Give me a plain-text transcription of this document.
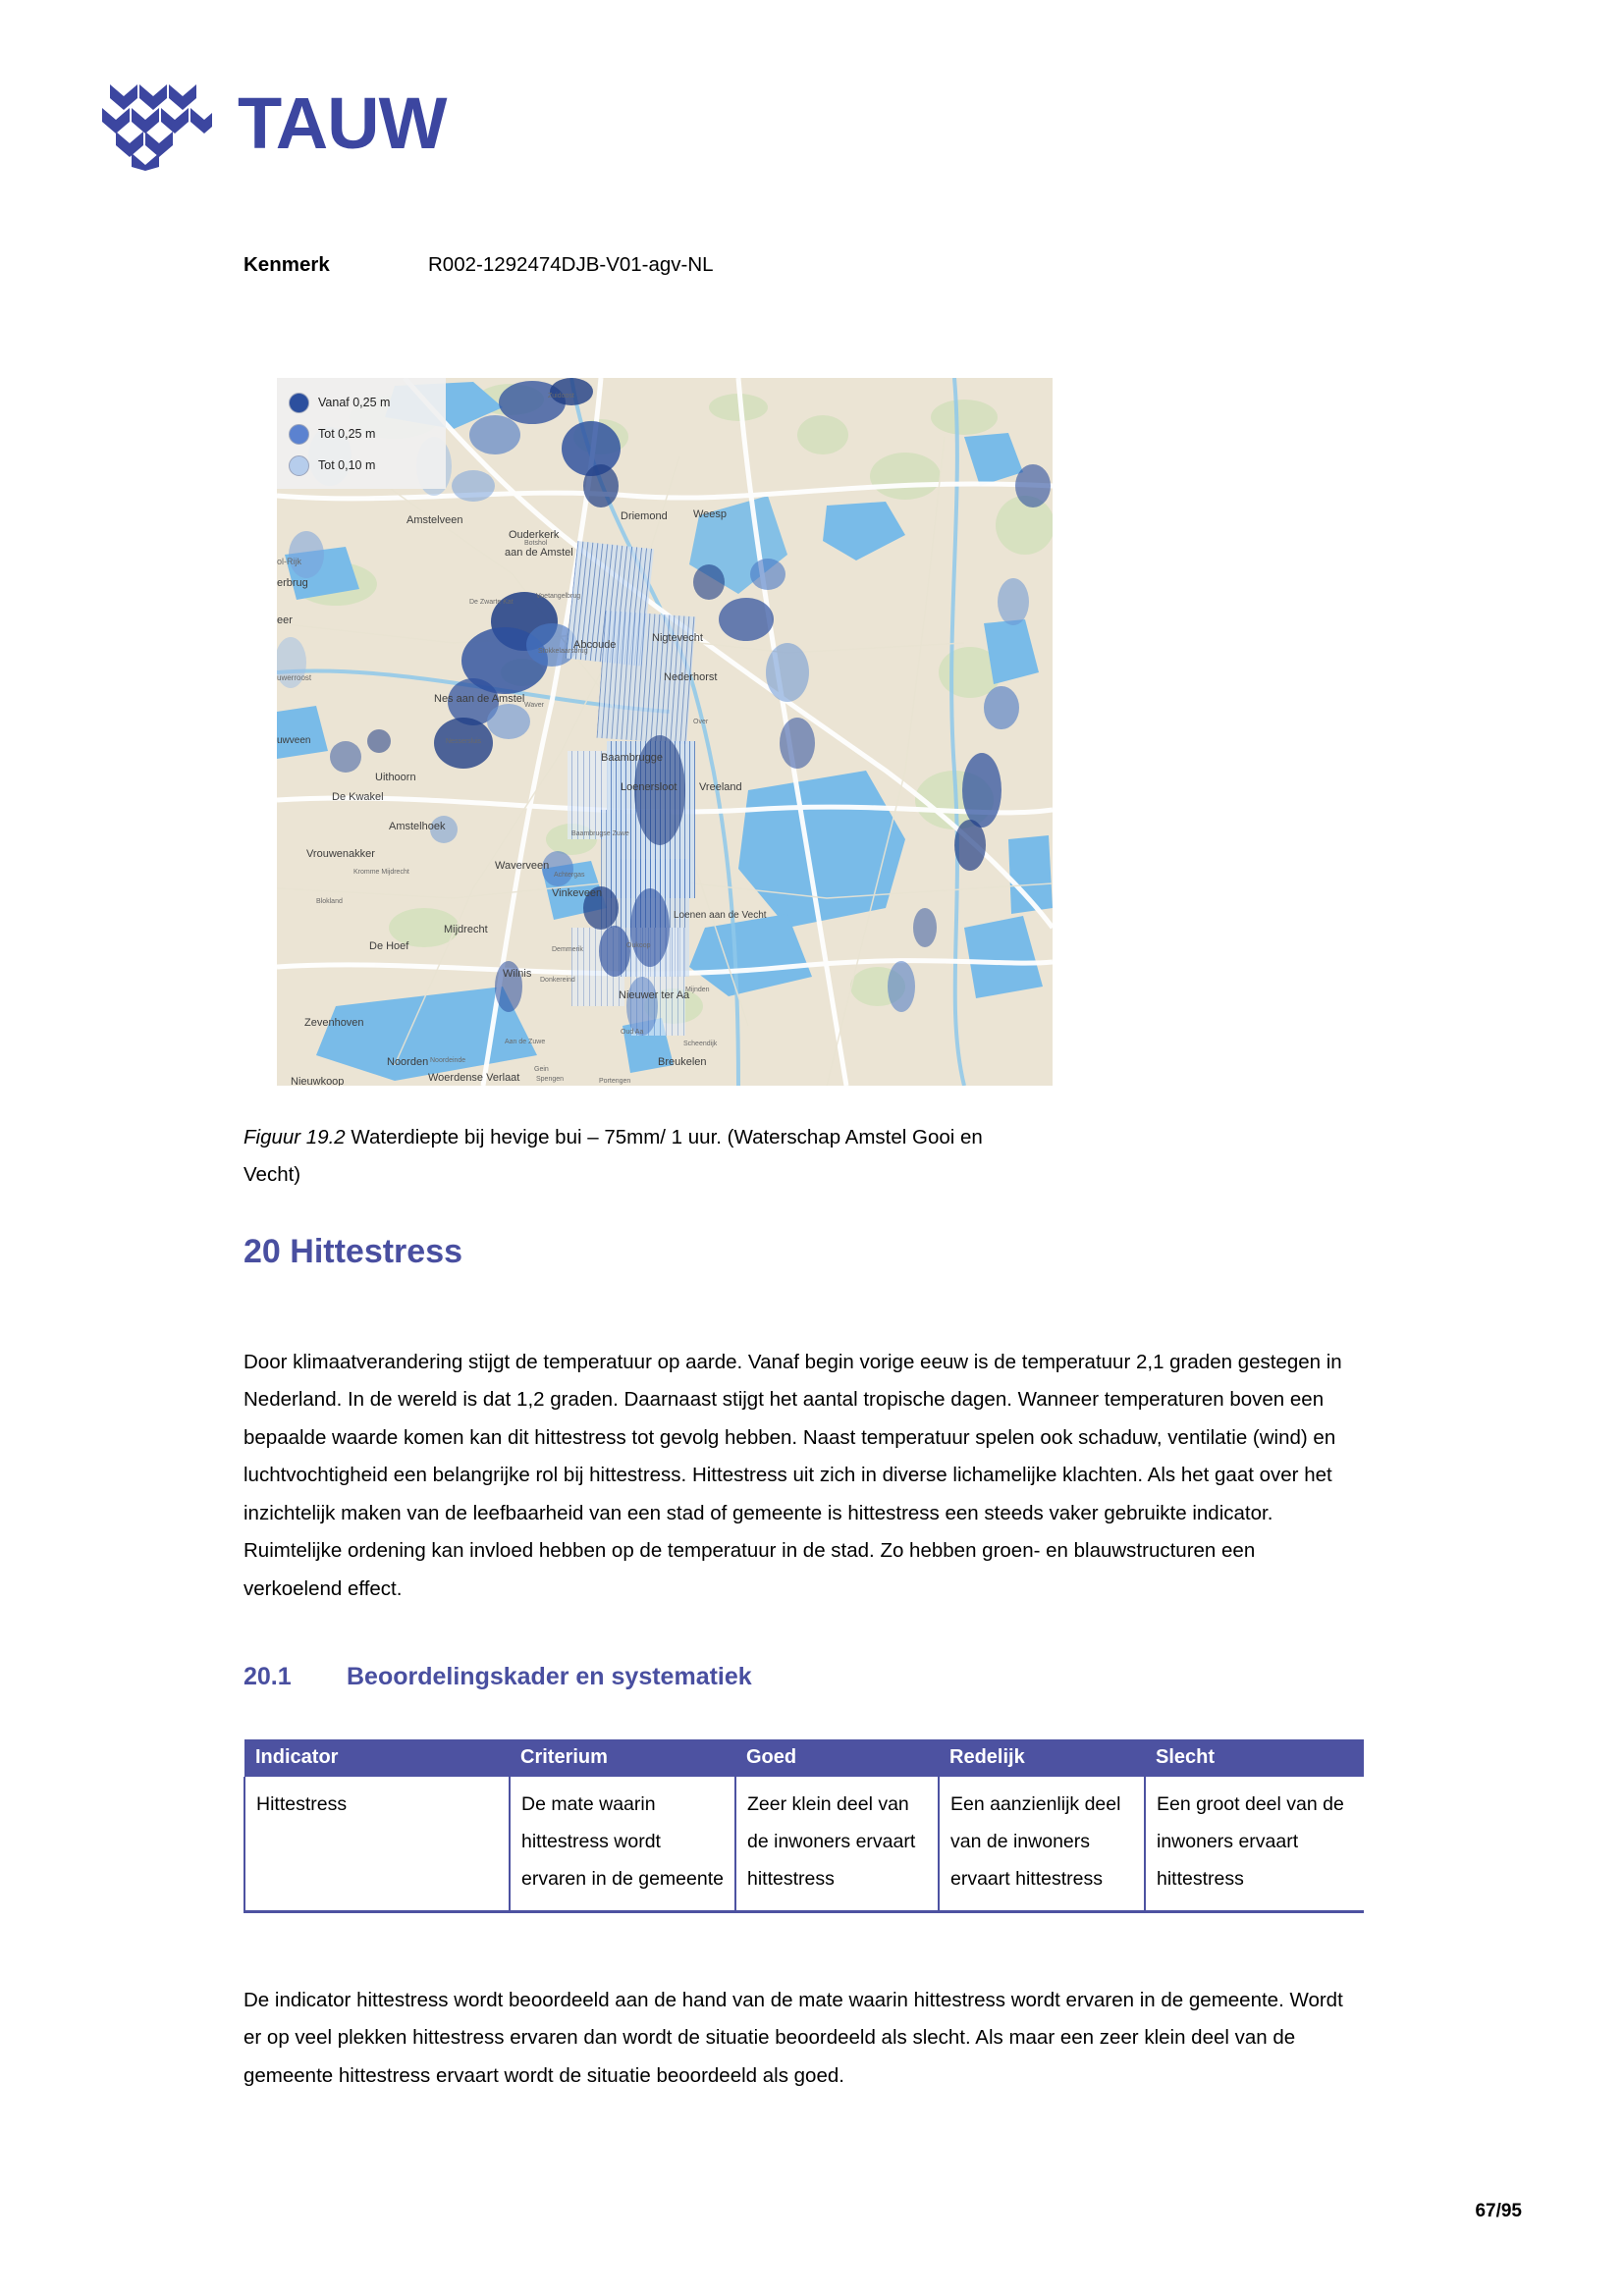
TAUW
Kenmerk	R002-1292474DJB-V01-agv-NL
Zuidoost
Amstelveen	Driemond Weesp
Ouderkerk
aan de Amstel
Nigtevecht
Abcoude
Nederhorst
De Zwarte Kat
Voetangelbrug
Stokkelaarsbrug
Nes aan de Amstel
Waver
Over
Baambrugge
Nessersluis
Loenersloot Vreeland
De Kwakel
Uithoorn
Amstelhoek
Vrouwenakker
Kromme Mijdrecht
Waverveen
Achtergas
Vinkeveen
Baambrugse Zuwe
Loenen aan de Vecht
Blokland
Mijdrecht
Demmerik
Oukoop
De Hoef
Wilnis
Donkereind
Nieuwer ter Aa
Mijnden
Zevenhoven
Oud Aa
Scheendijk
Breukelen
Noorden Noordeinde
Aan de Zuwe
Gein
Woerdense Verlaat Spengen	Portengen
Nieuwkoop
uwveen
ol-Rijk
erbrug
eer
uwerroost
Botshol
Vanaf 0,25 m
Tot 0,25 m
Tot 0,10 m
Figuur 19.2 Waterdiepte bij hevige bui – 75mm/ 1 uur. (Waterschap Amstel Gooi en Vecht)
20 Hittestress

Door klimaatverandering stijgt de temperatuur op aarde. Vanaf begin vorige eeuw is de temperatuur 2,1 graden gestegen in Nederland. In de wereld is dat 1,2 graden. Daarnaast stijgt het aantal tropische dagen. Wanneer temperaturen boven een bepaalde waarde komen kan dit hittestress tot gevolg hebben. Naast temperatuur spelen ook schaduw, ventilatie (wind) en luchtvochtigheid een belangrijke rol bij hittestress. Hittestress uit zich in diverse lichamelijke klachten. Als het gaat over het inzichtelijk maken van de leefbaarheid van een stad of gemeente is hittestress een steeds vaker gebruikte indicator. Ruimtelijke ordening kan invloed hebben op de temperatuur in de stad. Zo hebben groen- en blauwstructuren een verkoelend effect.

20.1	Beoordelingskader en systematiek
Indicator	Criterium	Goed	Redelijk	Slecht
Hittestress	De mate waarin hittestress wordt ervaren in de gemeente	Zeer klein deel van de inwoners ervaart hittestress	Een aanzienlijk deel van de inwoners ervaart hittestress	Een groot deel van de inwoners ervaart hittestress

De indicator hittestress wordt beoordeeld aan de hand van de mate waarin hittestress wordt ervaren in de gemeente. Wordt er op veel plekken hittestress ervaren dan wordt de situatie beoordeeld als slecht. Als maar een zeer klein deel van de gemeente hittestress ervaart wordt de situatie beoordeeld als goed.

67/95
